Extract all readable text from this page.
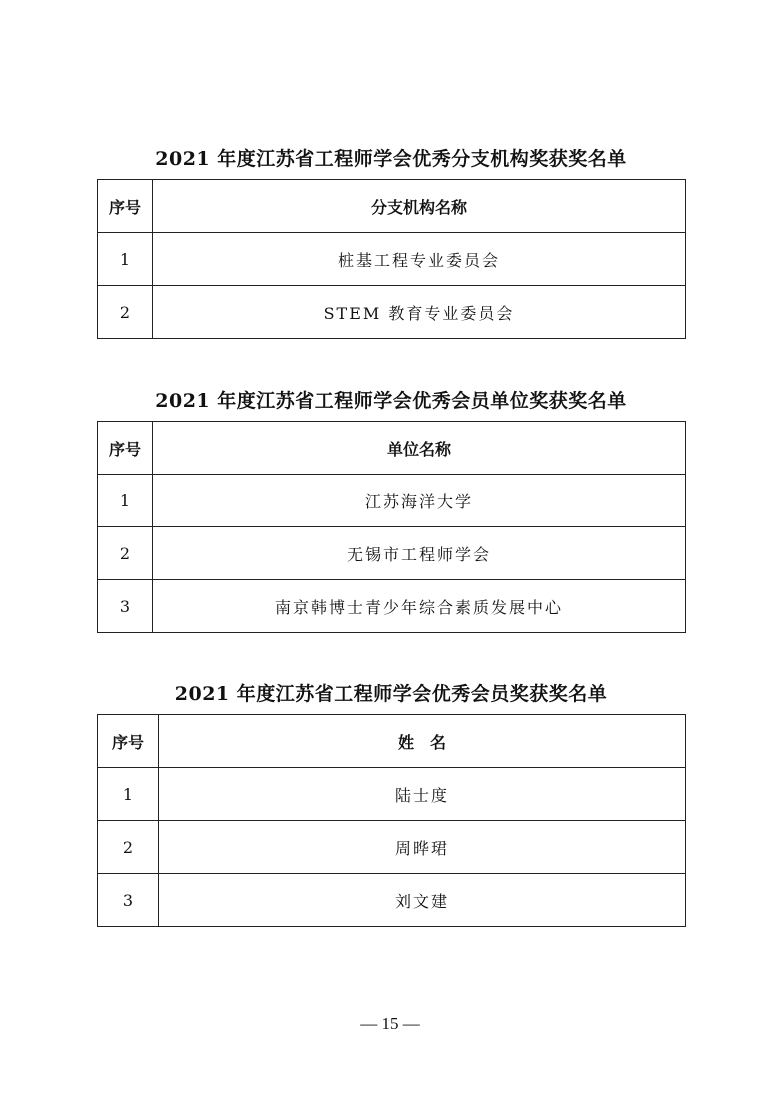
2021 年度江苏省工程师学会优秀分支机构奖获奖名单
序号	分支机构名称
1	桩基工程专业委员会
2	STEM 教育专业委员会
2021 年度江苏省工程师学会优秀会员单位奖获奖名单
序号	单位名称
1	江苏海洋大学
2	无锡市工程师学会
3	南京韩博士青少年综合素质发展中心
2021 年度江苏省工程师学会优秀会员奖获奖名单
序号	姓　名
1	陆士度
2	周晔珺
3	刘文建
— 15 —
